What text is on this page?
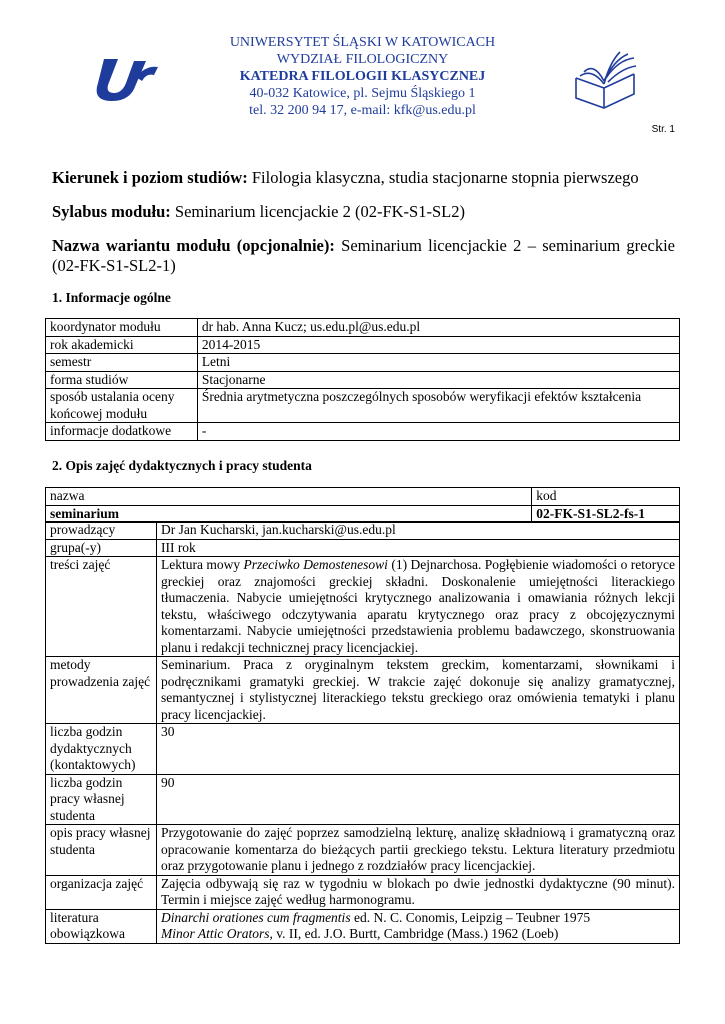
UNIWERSYTET ŚLĄSKI W KATOWICACH
WYDZIAŁ FILOLOGICZNY
KATEDRA FILOLOGII KLASYCZNEJ
40-032 Katowice, pl. Sejmu Śląskiego 1
tel. 32 200 94 17, e-mail: kfk@us.edu.pl
Str. 1
Kierunek i poziom studiów: Filologia klasyczna, studia stacjonarne stopnia pierwszego
Sylabus modułu: Seminarium licencjackie 2 (02-FK-S1-SL2)
Nazwa wariantu modułu (opcjonalnie): Seminarium licencjackie 2 – seminarium greckie (02-FK-S1-SL2-1)
1. Informacje ogólne
koordynator modułu	dr hab. Anna Kucz; us.edu.pl@us.edu.pl
rok akademicki	2014-2015
semestr	Letni
forma studiów	Stacjonarne
sposób ustalania oceny końcowej modułu	Średnia arytmetyczna poszczególnych sposobów weryfikacji efektów kształcenia
informacje dodatkowe	-
2. Opis zajęć dydaktycznych i pracy studenta
nazwa	kod
seminarium	02-FK-S1-SL2-fs-1
prowadzący	Dr Jan Kucharski, jan.kucharski@us.edu.pl
grupa(-y)	III rok
treści zajęć	Lektura mowy Przeciwko Demostenesowi (1) Dejnarchosa. Pogłębienie wiadomości o retoryce greckiej oraz znajomości greckiej składni. Doskonalenie umiejętności literackiego tłumaczenia. Nabycie umiejętności krytycznego analizowania i omawiania różnych lekcji tekstu, właściwego odczytywania aparatu krytycznego oraz pracy z obcojęzycznymi komentarzami. Nabycie umiejętności przedstawienia problemu badawczego, skonstruowania planu i redakcji technicznej pracy licencjackiej.
metody prowadzenia zajęć	Seminarium. Praca z oryginalnym tekstem greckim, komentarzami, słownikami i podręcznikami gramatyki greckiej. W trakcie zajęć dokonuje się analizy gramatycznej, semantycznej i stylistycznej literackiego tekstu greckiego oraz omówienia tematyki i planu pracy licencjackiej.
liczba godzin dydaktycznych (kontaktowych)	30
liczba godzin pracy własnej studenta	90
opis pracy własnej studenta	Przygotowanie do zajęć poprzez samodzielną lekturę, analizę składniową i gramatyczną oraz opracowanie komentarza do bieżących partii greckiego tekstu. Lektura literatury przedmiotu oraz przygotowanie planu i jednego z rozdziałów pracy licencjackiej.
organizacja zajęć	Zajęcia odbywają się raz w tygodniu w blokach po dwie jednostki dydaktyczne (90 minut). Termin i miejsce zajęć według harmonogramu.
literatura obowiązkowa	Dinarchi orationes cum fragmentis ed. N. C. Conomis, Leipzig – Teubner 1975
Minor Attic Orators, v. II, ed. J.O. Burtt, Cambridge (Mass.) 1962 (Loeb)
